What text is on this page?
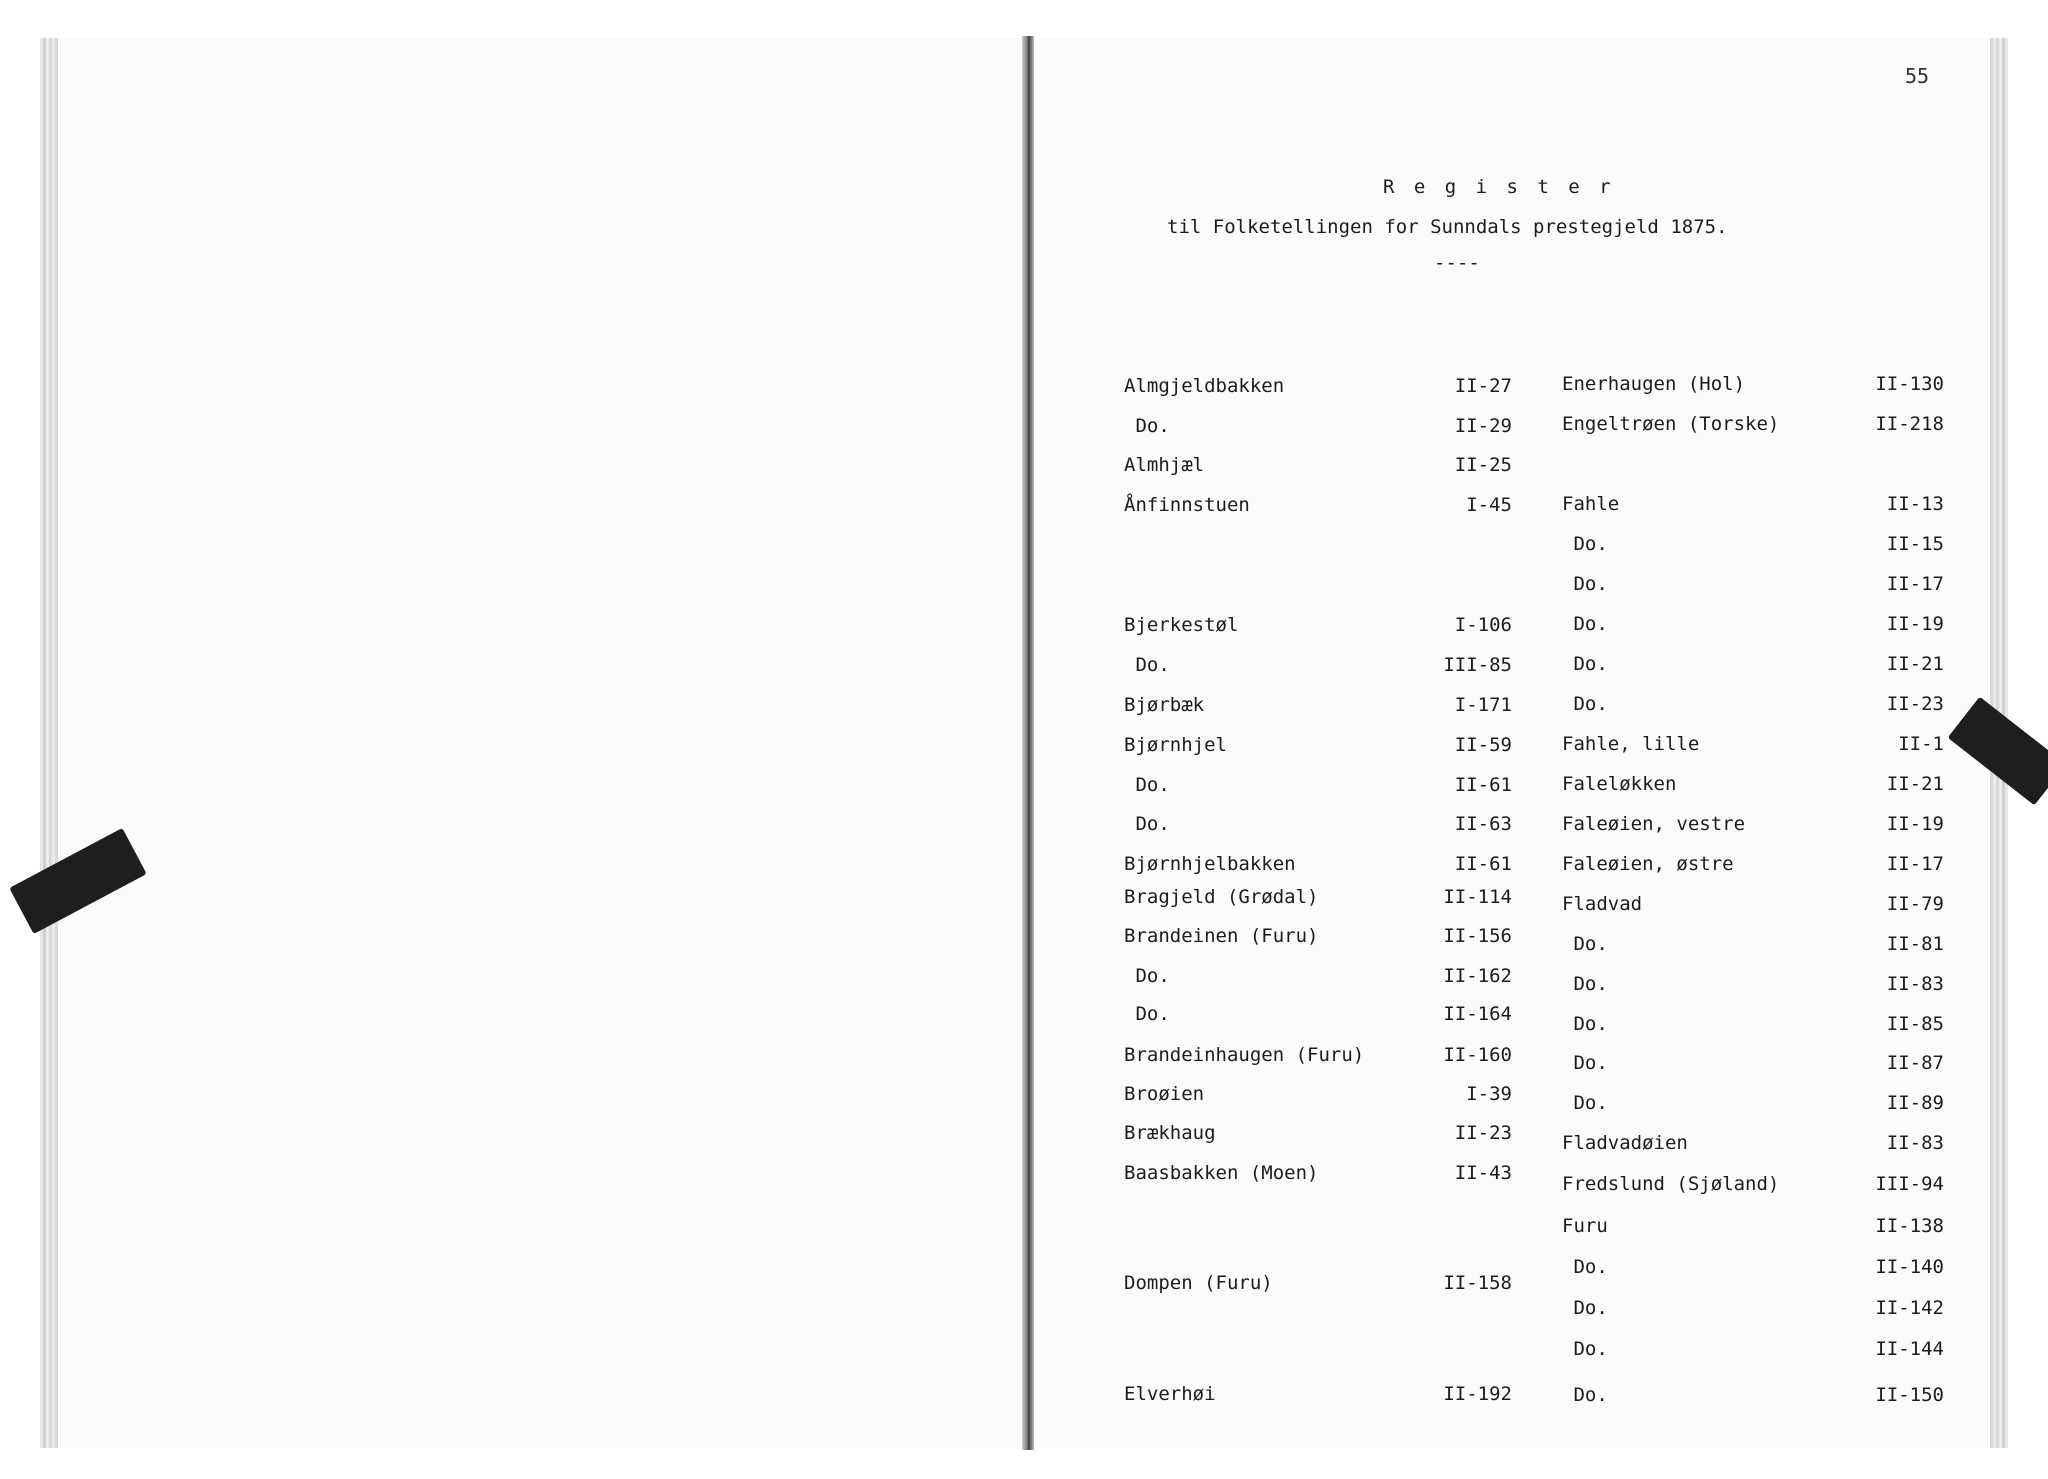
55
R e g i s t e r
til Folketellingen for Sunndals prestegjeld 1875.
----
Almgjeldbakken	II-27
Do.	II-29
Almhjæl	II-25
Ånfinnstuen	I-45
Bjerkestøl	I-106
Do.	III-85
Bjørbæk	I-171
Bjørnhjel	II-59
Do.	II-61
Do.	II-63
Bjørnhjelbakken	II-61
Bragjeld (Grødal)	II-114
Brandeinen (Furu)	II-156
Do.	II-162
Do.	II-164
Brandeinhaugen (Furu)	II-160
Broøien	I-39
Brækhaug	II-23
Baasbakken (Moen)	II-43
Dompen (Furu)	II-158
Elverhøi	II-192
Enerhaugen (Hol)	II-130
Engeltrøen (Torske)	II-218
Fahle	II-13
Do.	II-15
Do.	II-17
Do.	II-19
Do.	II-21
Do.	II-23
Fahle, lille	II-1
Faleløkken	II-21
Faleøien, vestre	II-19
Faleøien, østre	II-17
Fladvad	II-79
Do.	II-81
Do.	II-83
Do.	II-85
Do.	II-87
Do.	II-89
Fladvadøien	II-83
Fredslund (Sjøland)	III-94
Furu	II-138
Do.	II-140
Do.	II-142
Do.	II-144
Do.	II-150
